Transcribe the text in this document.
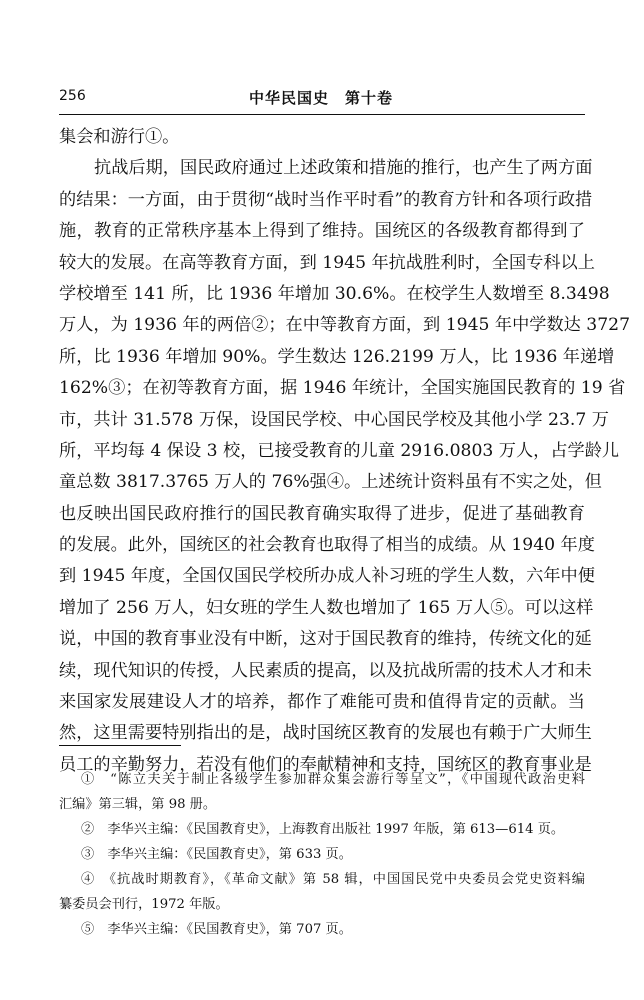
256	中华民国史　第十卷
集会和游行①。
抗战后期，国民政府通过上述政策和措施的推行，也产生了两方面
的结果：一方面，由于贯彻“战时当作平时看”的教育方针和各项行政措
施，教育的正常秩序基本上得到了维持。国统区的各级教育都得到了
较大的发展。在高等教育方面，到 1945 年抗战胜利时，全国专科以上
学校增至 141 所，比 1936 年增加 30.6%。在校学生人数增至 8.3498
万人，为 1936 年的两倍②；在中等教育方面，到 1945 年中学数达 3727
所，比 1936 年增加 90%。学生数达 126.2199 万人，比 1936 年递增
162%③；在初等教育方面，据 1946 年统计，全国实施国民教育的 19 省
市，共计 31.578 万保，设国民学校、中心国民学校及其他小学 23.7 万
所，平均每 4 保设 3 校，已接受教育的儿童 2916.0803 万人，占学龄儿
童总数 3817.3765 万人的 76%强④。上述统计资料虽有不实之处，但
也反映出国民政府推行的国民教育确实取得了进步，促进了基础教育
的发展。此外，国统区的社会教育也取得了相当的成绩。从 1940 年度
到 1945 年度，全国仅国民学校所办成人补习班的学生人数，六年中便
增加了 256 万人，妇女班的学生人数也增加了 165 万人⑤。可以这样
说，中国的教育事业没有中断，这对于国民教育的维持，传统文化的延
续，现代知识的传授，人民素质的提高，以及抗战所需的技术人才和未
来国家发展建设人才的培养，都作了难能可贵和值得肯定的贡献。当
然，这里需要特别指出的是，战时国统区教育的发展也有赖于广大师生
员工的辛勤努力，若没有他们的奉献精神和支持，国统区的教育事业是
①　“陈立夫关于制止各级学生参加群众集会游行等呈文”，《中国现代政治史料
汇编》第三辑，第 98 册。
②　李华兴主编：《民国教育史》，上海教育出版社 1997 年版，第 613—614 页。
③　李华兴主编：《民国教育史》，第 633 页。
④　《抗战时期教育》，《革命文献》第 58 辑，中国国民党中央委员会党史资料编
纂委员会刊行，1972 年版。
⑤　李华兴主编：《民国教育史》，第 707 页。
